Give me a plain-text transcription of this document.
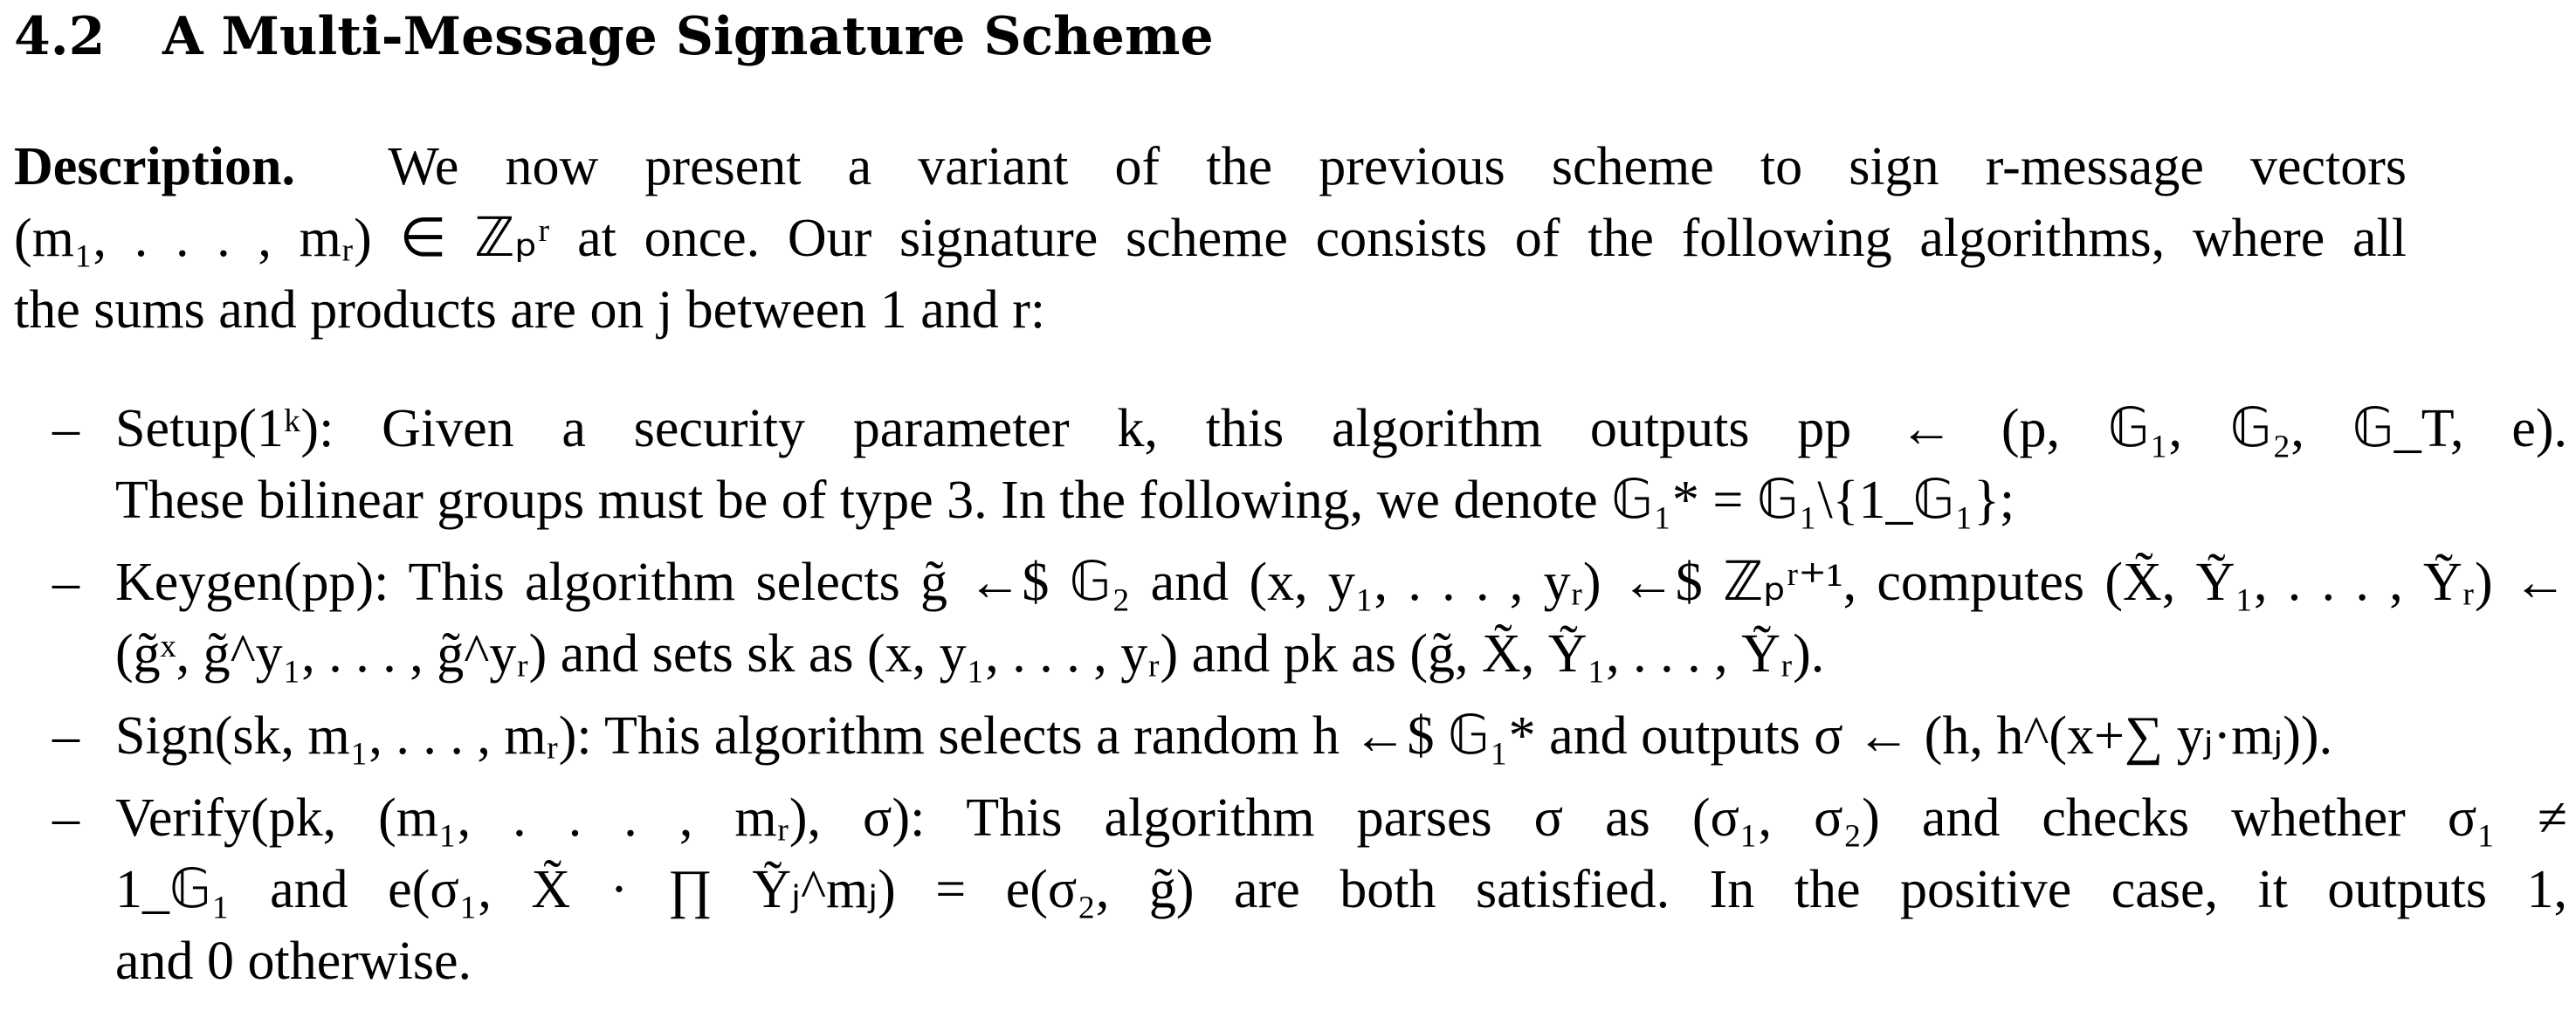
4.2 A Multi-Message Signature Scheme
Description. We now present a variant of the previous scheme to sign r-message vectors
(m₁, . . . , mᵣ) ∈ ℤₚʳ at once. Our signature scheme consists of the following algorithms, where all
the sums and products are on j between 1 and r:
– Setup(1ᵏ): Given a security parameter k, this algorithm outputs pp ← (p, 𝔾₁, 𝔾₂, 𝔾_T, e).
These bilinear groups must be of type 3. In the following, we denote 𝔾₁* = 𝔾₁\{1_𝔾₁};
– Keygen(pp): This algorithm selects g̃ ←$ 𝔾₂ and (x, y₁, . . . , yᵣ) ←$ ℤₚʳ⁺¹, computes (X̃, Ỹ₁, . . . , Ỹᵣ) ←
(g̃ˣ, g̃^y₁, . . . , g̃^yᵣ) and sets sk as (x, y₁, . . . , yᵣ) and pk as (g̃, X̃, Ỹ₁, . . . , Ỹᵣ).
– Sign(sk, m₁, . . . , mᵣ): This algorithm selects a random h ←$ 𝔾₁* and outputs σ ← (h, h^(x+∑ yⱼ·mⱼ)).
– Verify(pk, (m₁, . . . , mᵣ), σ): This algorithm parses σ as (σ₁, σ₂) and checks whether σ₁ ≠
1_𝔾₁ and e(σ₁, X̃ · ∏ Ỹⱼ^mⱼ) = e(σ₂, g̃) are both satisfied. In the positive case, it outputs 1,
and 0 otherwise.
